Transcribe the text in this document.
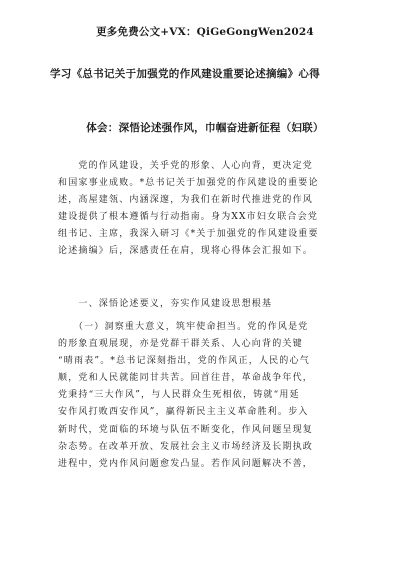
更多免费公文+VX：QiGeGongWen2024
学习《总书记关于加强党的作风建设重要论述摘编》心得
体会：深悟论述强作风，巾帼奋进新征程（妇联）
　　党的作风建设，关乎党的形象、人心向背，更决定党
和国家事业成败。*总书记关于加强党的作风建设的重要论
述，高屋建瓴、内涵深邃，为我们在新时代推进党的作风
建设提供了根本遵循与行动指南。身为XX市妇女联合会党
组书记、主席，我深入研习《*关于加强党的作风建设重要
论述摘编》后，深感责任在肩，现将心得体会汇报如下。
　　一、深悟论述要义，夯实作风建设思想根基
　　（一）洞察重大意义，筑牢使命担当。党的作风是党
的形象直观展现，亦是党群干群关系、人心向背的关键
“晴雨表”。*总书记深刻指出，党的作风正，人民的心气
顺，党和人民就能同甘共苦。回首往昔，革命战争年代，
党秉持“三大作风”，与人民群众生死相依，铸就“用延
安作风打败西安作风”，赢得新民主主义革命胜利。步入
新时代，党面临的环境与队伍不断变化，作风问题呈现复
杂态势。在改革开放、发展社会主义市场经济及长期执政
进程中，党内作风问题愈发凸显。若作风问题解决不善，
